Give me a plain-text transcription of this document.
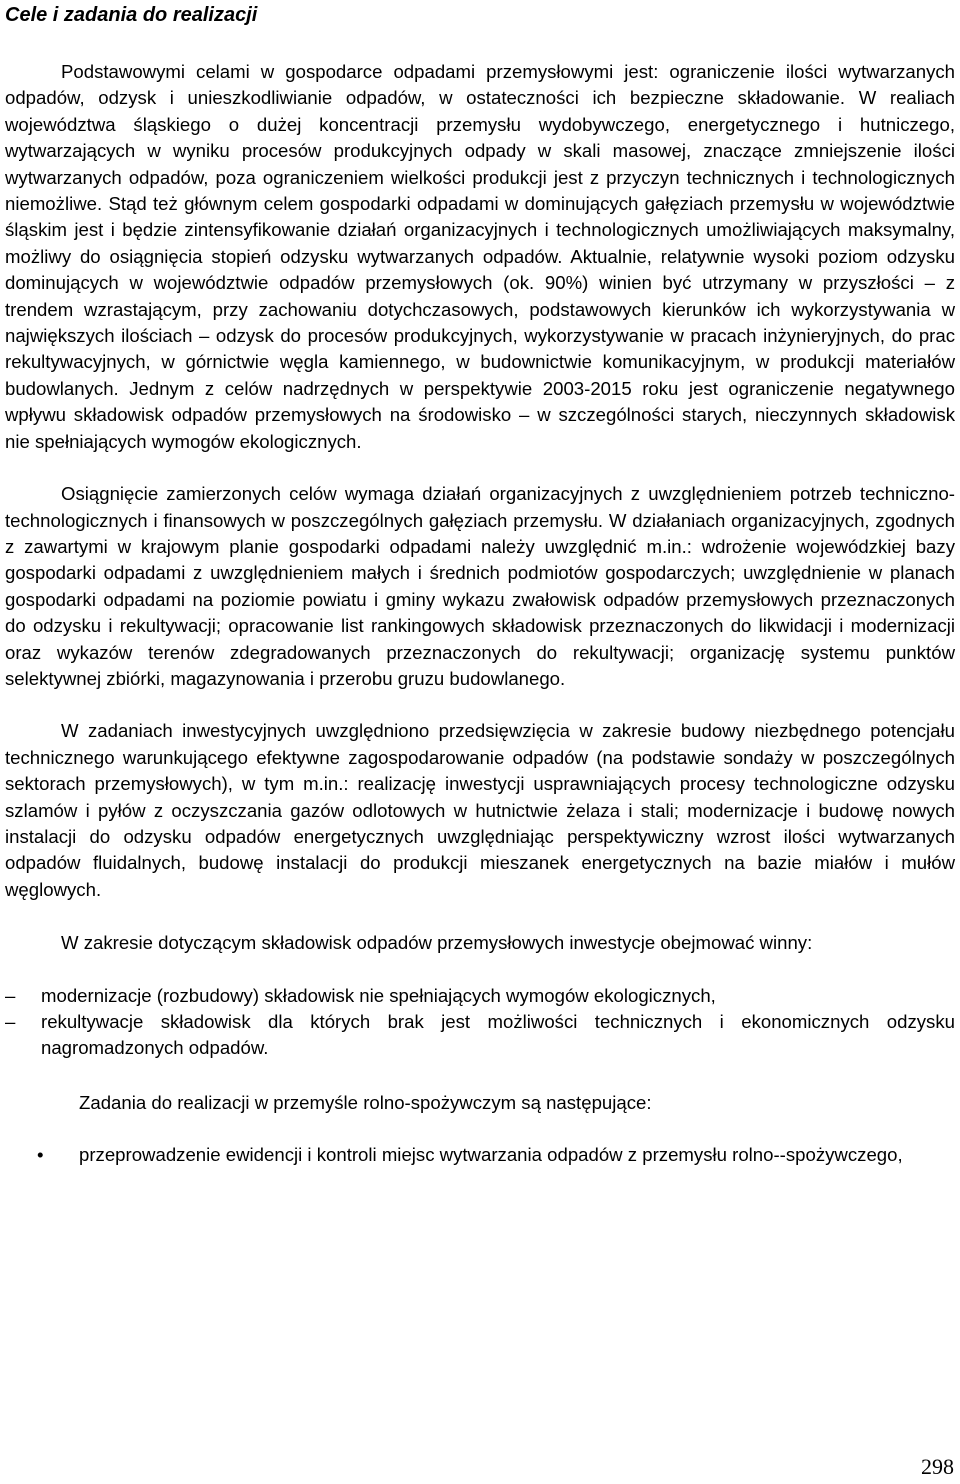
Cele i zadania do realizacji

Podstawowymi celami w gospodarce odpadami przemysłowymi jest: ograniczenie ilości wytwarzanych odpadów, odzysk i unieszkodliwianie odpadów, w ostateczności ich bezpieczne składowanie. W realiach województwa śląskiego o dużej koncentracji przemysłu wydobywczego, energetycznego i hutniczego, wytwarzających w wyniku procesów produkcyjnych odpady w skali masowej, znaczące zmniejszenie ilości wytwarzanych odpadów, poza ograniczeniem wielkości produkcji jest z przyczyn technicznych i technologicznych niemożliwe. Stąd też głównym celem gospodarki odpadami w dominujących gałęziach przemysłu w województwie śląskim jest i będzie zintensyfikowanie działań organizacyjnych i technologicznych umożliwiających maksymalny, możliwy do osiągnięcia stopień odzysku wytwarzanych odpadów. Aktualnie, relatywnie wysoki poziom odzysku dominujących w województwie odpadów przemysłowych (ok. 90%) winien być utrzymany w przyszłości – z trendem wzrastającym, przy zachowaniu dotychczasowych, podstawowych kierunków ich wykorzystywania w największych ilościach – odzysk do procesów produkcyjnych, wykorzystywanie w pracach inżynieryjnych, do prac rekultywacyjnych, w górnictwie węgla kamiennego, w budownictwie komunikacyjnym, w produkcji materiałów budowlanych. Jednym z celów nadrzędnych w perspektywie 2003-2015 roku jest ograniczenie negatywnego wpływu składowisk odpadów przemysłowych na środowisko – w szczególności starych, nieczynnych składowisk nie spełniających wymogów ekologicznych.

Osiągnięcie zamierzonych celów wymaga działań organizacyjnych z uwzględnieniem potrzeb techniczno-technologicznych i finansowych w poszczególnych gałęziach przemysłu. W działaniach organizacyjnych, zgodnych z zawartymi w krajowym planie gospodarki odpadami należy uwzględnić m.in.: wdrożenie wojewódzkiej bazy gospodarki odpadami z uwzględnieniem małych i średnich podmiotów gospodarczych; uwzględnienie w planach gospodarki odpadami na poziomie powiatu i gminy wykazu zwałowisk odpadów przemysłowych przeznaczonych do odzysku i rekultywacji; opracowanie list rankingowych składowisk przeznaczonych do likwidacji i modernizacji oraz wykazów terenów zdegradowanych przeznaczonych do rekultywacji; organizację systemu punktów selektywnej zbiórki, magazynowania i przerobu gruzu budowlanego.

W zadaniach inwestycyjnych uwzględniono przedsięwzięcia w zakresie budowy niezbędnego potencjału technicznego warunkującego efektywne zagospodarowanie odpadów (na podstawie sondaży w poszczególnych sektorach przemysłowych), w tym m.in.: realizację inwestycji usprawniających procesy technologiczne odzysku szlamów i pyłów z oczyszczania gazów odlotowych w hutnictwie żelaza i stali; modernizacje i budowę nowych instalacji do odzysku odpadów energetycznych uwzględniając perspektywiczny wzrost ilości wytwarzanych odpadów fluidalnych, budowę instalacji do produkcji mieszanek energetycznych na bazie miałów i mułów węglowych.

W zakresie dotyczącym składowisk odpadów przemysłowych inwestycje obejmować winny:

–	modernizacje (rozbudowy) składowisk nie spełniających wymogów ekologicznych,
–	rekultywacje składowisk dla których brak jest możliwości technicznych i ekonomicznych odzysku nagromadzonych odpadów.

Zadania do realizacji w przemyśle rolno-spożywczym są następujące:

• przeprowadzenie ewidencji i kontroli miejsc wytwarzania odpadów z przemysłu rolno--spożywczego,
298
